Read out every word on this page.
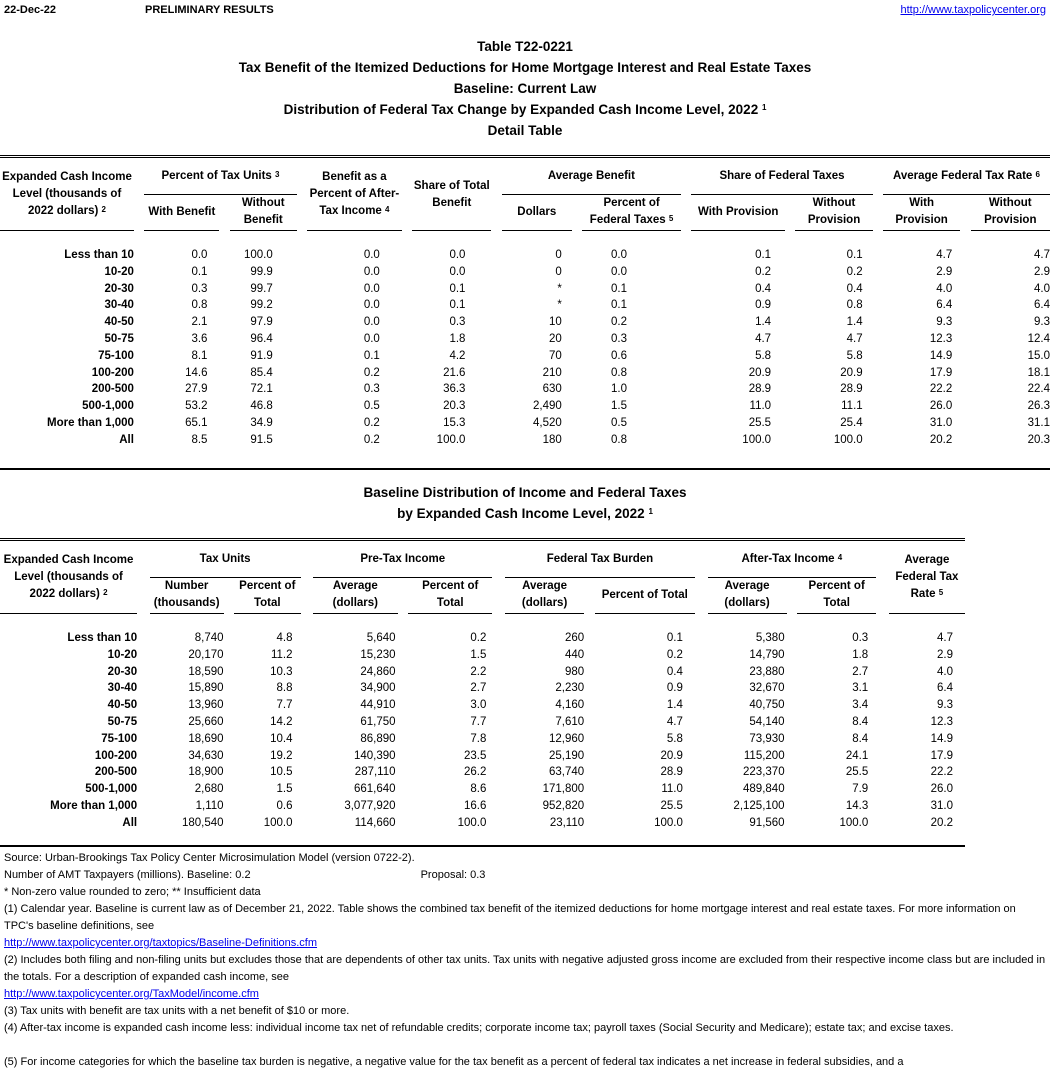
22-Dec-22	PRELIMINARY RESULTS	http://www.taxpolicycenter.org
Table T22-0221
Tax Benefit of the Itemized Deductions for Home Mortgage Interest and Real Estate Taxes
Baseline: Current Law
Distribution of Federal Tax Change by Expanded Cash Income Level, 2022 $^1$
Detail Table

Expanded Cash Income Level (thousands of 2022 dollars) $^2$		Percent of Tax Units $^3$				Benefit as a Percent of After-Tax Income $^4$		Share of Total Benefit		Average Benefit				Share of Federal Taxes				Average Federal Tax Rate $^6$
		With Benefit		Without Benefit						Dollars		Percent of Federal Taxes $^5$		With Provision		Without Provision		With Provision		Without Provision

Less than 10		0.0		100.0		0.0		0.0		0		0.0		0.1		0.1		4.7		4.7
10-20		0.1		99.9		0.0		0.0		0		0.0		0.2		0.2		2.9		2.9
20-30		0.3		99.7		0.0		0.1		*		0.1		0.4		0.4		4.0		4.0
30-40		0.8		99.2		0.0		0.1		*		0.1		0.9		0.8		6.4		6.4
40-50		2.1		97.9		0.0		0.3		10		0.2		1.4		1.4		9.3		9.3
50-75		3.6		96.4		0.0		1.8		20		0.3		4.7		4.7		12.3		12.4
75-100		8.1		91.9		0.1		4.2		70		0.6		5.8		5.8		14.9		15.0
100-200		14.6		85.4		0.2		21.6		210		0.8		20.9		20.9		17.9		18.1
200-500		27.9		72.1		0.3		36.3		630		1.0		28.9		28.9		22.2		22.4
500-1,000		53.2		46.8		0.5		20.3		2,490		1.5		11.0		11.1		26.0		26.3
More than 1,000		65.1		34.9		0.2		15.3		4,520		0.5		25.5		25.4		31.0		31.1
All		8.5		91.5		0.2		100.0		180		0.8		100.0		100.0		20.2		20.3

Baseline Distribution of Income and Federal Taxes
by Expanded Cash Income Level, 2022 $^1$

Expanded Cash Income Level (thousands of 2022 dollars) $^2$		Tax Units				Pre-Tax Income				Federal Tax Burden				After-Tax Income $^4$				Average Federal Tax Rate $^5$
		Number (thousands)		Percent of Total		Average (dollars)		Percent of Total		Average (dollars)		Percent of Total		Average (dollars)		Percent of Total		

Less than 10		8,740		4.8		5,640		0.2		260		0.1		5,380		0.3		4.7
10-20		20,170		11.2		15,230		1.5		440		0.2		14,790		1.8		2.9
20-30		18,590		10.3		24,860		2.2		980		0.4		23,880		2.7		4.0
30-40		15,890		8.8		34,900		2.7		2,230		0.9		32,670		3.1		6.4
40-50		13,960		7.7		44,910		3.0		4,160		1.4		40,750		3.4		9.3
50-75		25,660		14.2		61,750		7.7		7,610		4.7		54,140		8.4		12.3
75-100		18,690		10.4		86,890		7.8		12,960		5.8		73,930		8.4		14.9
100-200		34,630		19.2		140,390		23.5		25,190		20.9		115,200		24.1		17.9
200-500		18,900		10.5		287,110		26.2		63,740		28.9		223,370		25.5		22.2
500-1,000		2,680		1.5		661,640		8.6		171,800		11.0		489,840		7.9		26.0
More than 1,000		1,110		0.6		3,077,920		16.6		952,820		25.5		2,125,100		14.3		31.0
All		180,540		100.0		114,660		100.0		23,110		100.0		91,560		100.0		20.2

Source: Urban-Brookings Tax Policy Center Microsimulation Model (version 0722-2).
Number of AMT Taxpayers (millions). Baseline: 0.2	Proposal: 0.3
* Non-zero value rounded to zero; ** Insufficient data
(1) Calendar year. Baseline is current law as of December 21, 2022. Table shows the combined tax benefit of the itemized deductions for home mortgage interest and real estate taxes. For more information on TPC's baseline definitions, see
http://www.taxpolicycenter.org/taxtopics/Baseline-Definitions.cfm
(2) Includes both filing and non-filing units but excludes those that are dependents of other tax units. Tax units with negative adjusted gross income are excluded from their respective income class but are included in the totals. For a description of expanded cash income, see
http://www.taxpolicycenter.org/TaxModel/income.cfm
(3) Tax units with benefit are tax units with a net benefit of $10 or more.
(4) After-tax income is expanded cash income less: individual income tax net of refundable credits; corporate income tax; payroll taxes (Social Security and Medicare); estate tax; and excise taxes.
(5) For income categories for which the baseline tax burden is negative, a negative value for the tax benefit as a percent of federal tax indicates a net increase in federal subsidies, and a
